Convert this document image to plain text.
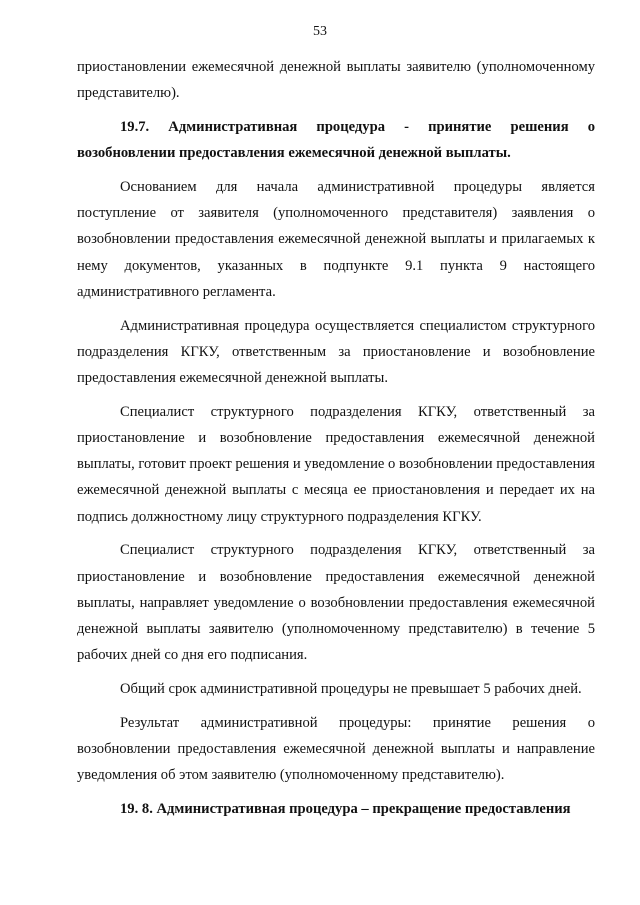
53

приостановлении ежемесячной денежной выплаты заявителю (уполномоченному представителю).

19.7. Административная процедура - принятие решения о возобновлении предоставления ежемесячной денежной выплаты.

Основанием для начала административной процедуры является поступление от заявителя (уполномоченного представителя) заявления о возобновлении предоставления ежемесячной денежной выплаты и прилагаемых к нему документов, указанных в подпункте 9.1 пункта 9 настоящего административного регламента.

Административная процедура осуществляется специалистом структурного подразделения КГКУ, ответственным за приостановление и возобновление предоставления ежемесячной денежной выплаты.

Специалист структурного подразделения КГКУ, ответственный за приостановление и возобновление предоставления ежемесячной денежной выплаты, готовит проект решения и уведомление о возобновлении предоставления ежемесячной денежной выплаты с месяца ее приостановления и передает их на подпись должностному лицу структурного подразделения КГКУ.

Специалист структурного подразделения КГКУ, ответственный за приостановление и возобновление предоставления ежемесячной денежной выплаты, направляет уведомление о возобновлении предоставления ежемесячной денежной выплаты заявителю (уполномоченному представителю) в течение 5 рабочих дней со дня его подписания.

Общий срок административной процедуры не превышает 5 рабочих дней.

Результат административной процедуры: принятие решения о возобновлении предоставления ежемесячной денежной выплаты и направление уведомления об этом заявителю (уполномоченному представителю).

19. 8. Административная процедура – прекращение предоставления
